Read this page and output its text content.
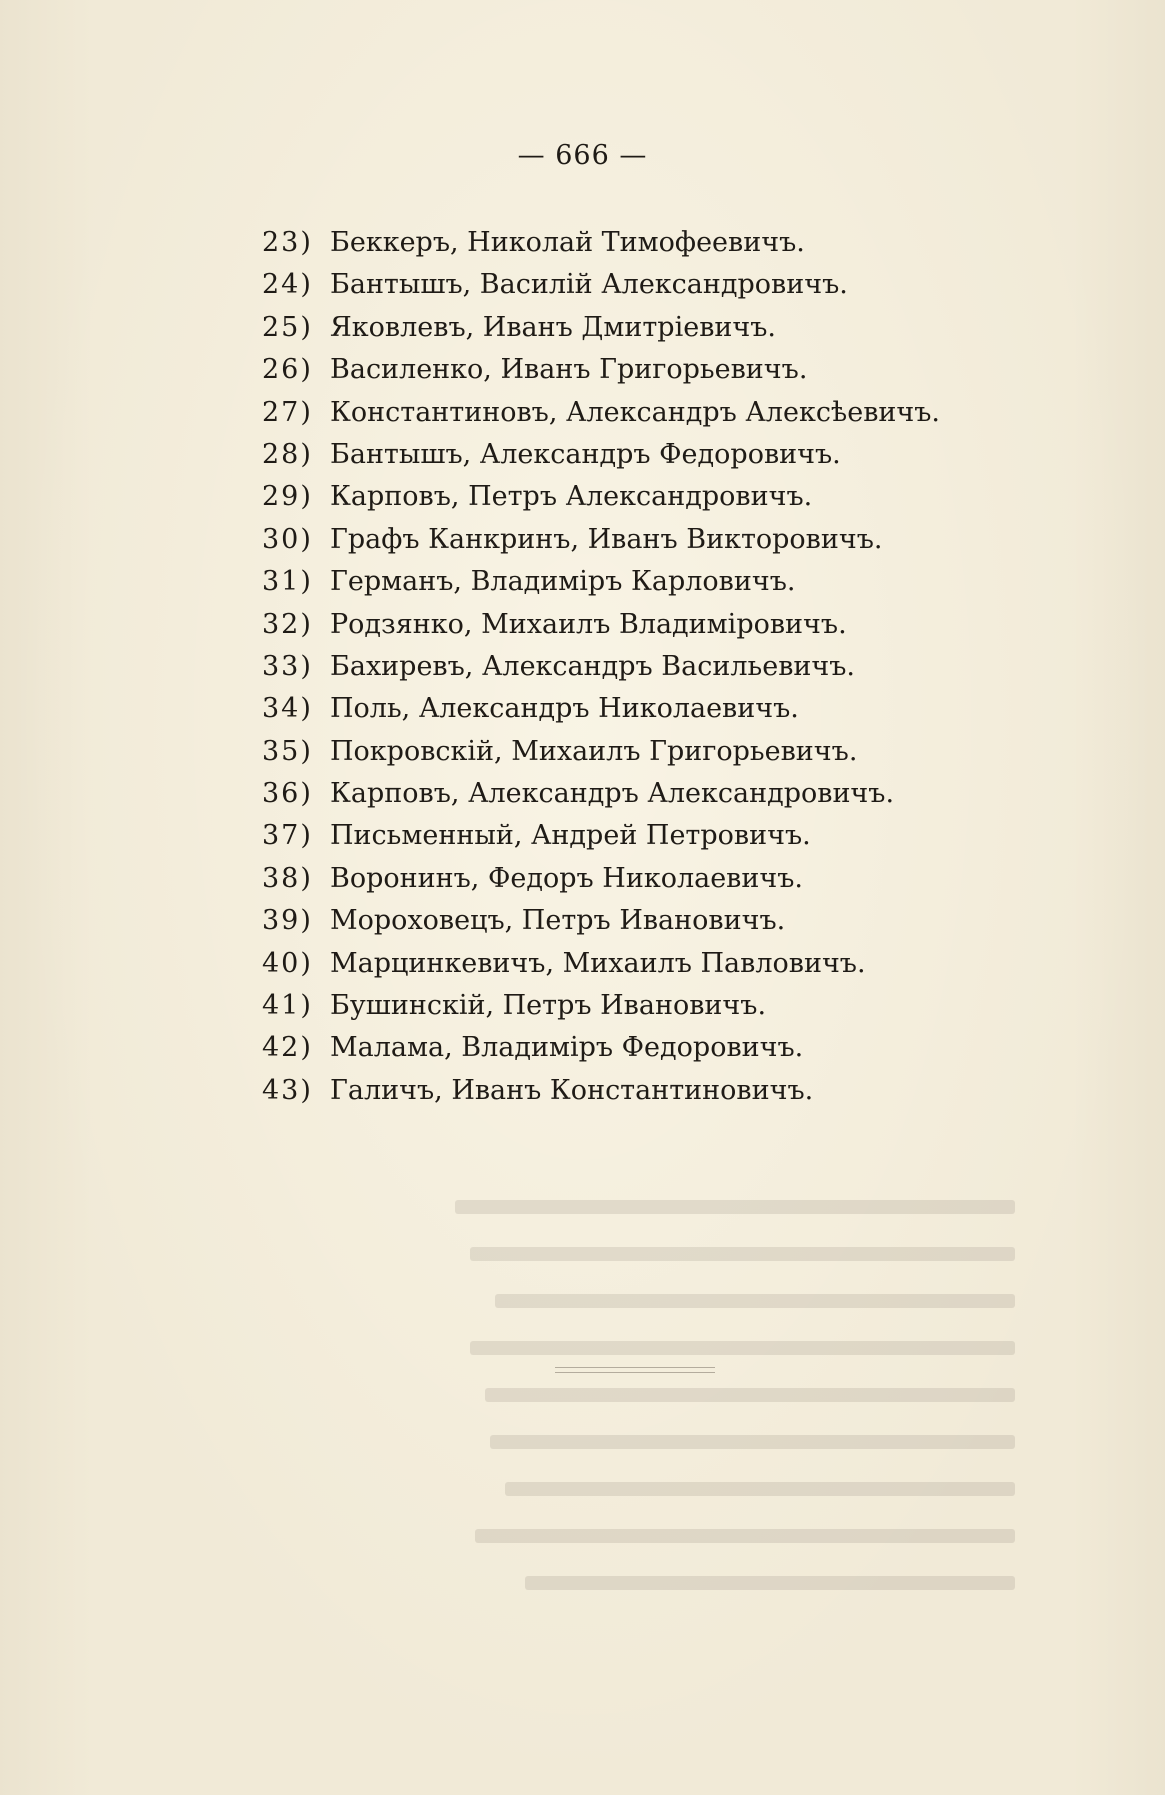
— 666 —
23) Беккеръ, Николай Тимофеевичъ.
24) Бантышъ, Василій Александровичъ.
25) Яковлевъ, Иванъ Дмитріевичъ.
26) Василенко, Иванъ Григорьевичъ.
27) Константиновъ, Александръ Алексѣевичъ.
28) Бантышъ, Александръ Федоровичъ.
29) Карповъ, Петръ Александровичъ.
30) Графъ Канкринъ, Иванъ Викторовичъ.
31) Германъ, Владиміръ Карловичъ.
32) Родзянко, Михаилъ Владиміровичъ.
33) Бахиревъ, Александръ Васильевичъ.
34) Поль, Александръ Николаевичъ.
35) Покровскій, Михаилъ Григорьевичъ.
36) Карповъ, Александръ Александровичъ.
37) Письменный, Андрей Петровичъ.
38) Воронинъ, Федоръ Николаевичъ.
39) Мороховецъ, Петръ Ивановичъ.
40) Марцинкевичъ, Михаилъ Павловичъ.
41) Бушинскій, Петръ Ивановичъ.
42) Малама, Владиміръ Федоровичъ.
43) Галичъ, Иванъ Константиновичъ.
